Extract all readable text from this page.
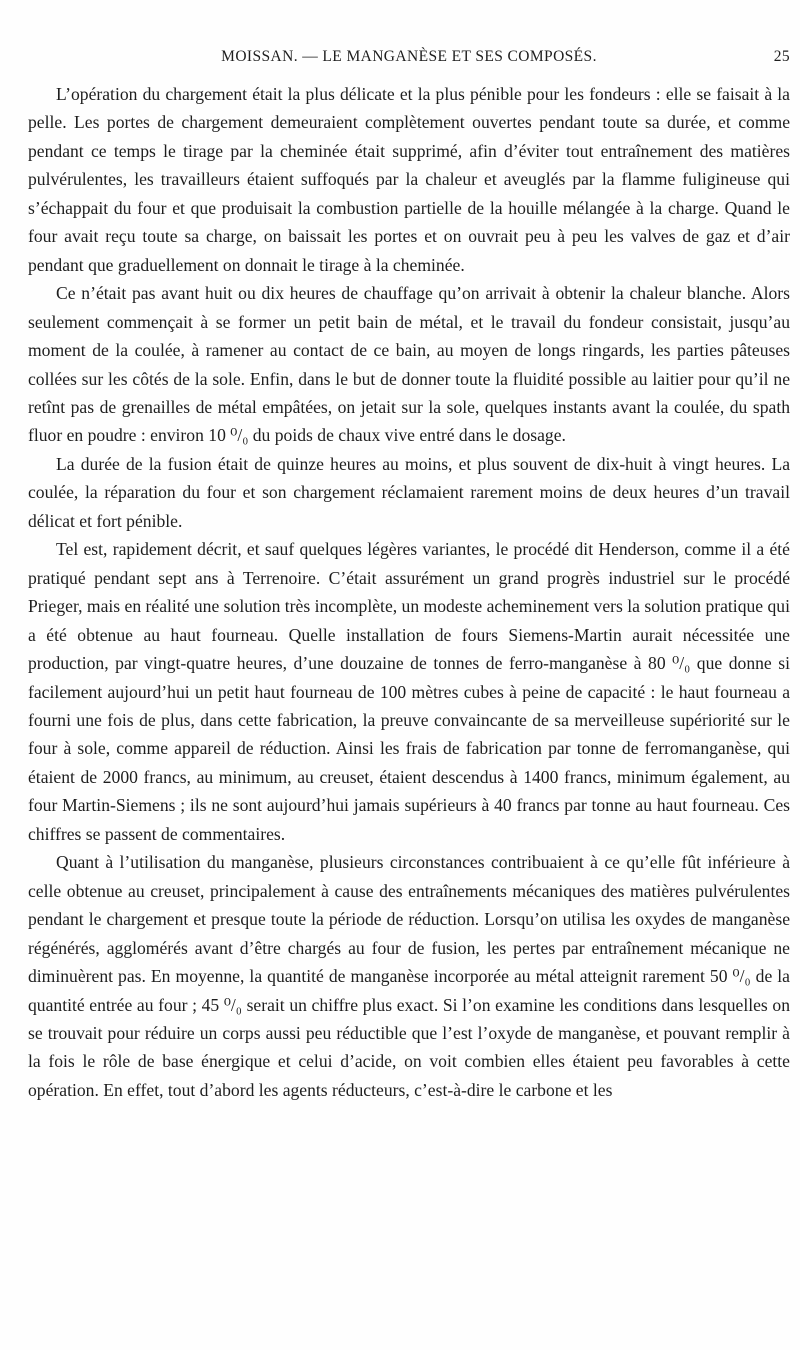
MOISSAN. — LE MANGANÈSE ET SES COMPOSÉS.	25

L’opération du chargement était la plus délicate et la plus pénible pour les fondeurs : elle se faisait à la pelle. Les portes de chargement demeuraient complètement ouvertes pendant toute sa durée, et comme pendant ce temps le tirage par la cheminée était supprimé, afin d’éviter tout entraînement des matières pulvérulentes, les travailleurs étaient suffoqués par la chaleur et aveuglés par la flamme fuligineuse qui s’échappait du four et que produisait la combustion partielle de la houille mélangée à la charge. Quand le four avait reçu toute sa charge, on baissait les portes et on ouvrait peu à peu les valves de gaz et d’air pendant que graduellement on donnait le tirage à la cheminée.

Ce n’était pas avant huit ou dix heures de chauffage qu’on arrivait à obtenir la chaleur blanche. Alors seulement commençait à se former un petit bain de métal, et le travail du fondeur consistait, jusqu’au moment de la coulée, à ramener au contact de ce bain, au moyen de longs ringards, les parties pâteuses collées sur les côtés de la sole. Enfin, dans le but de donner toute la fluidité possible au laitier pour qu’il ne retînt pas de grenailles de métal empâtées, on jetait sur la sole, quelques instants avant la coulée, du spath fluor en poudre : environ 10 ⁰/₀ du poids de chaux vive entré dans le dosage.

La durée de la fusion était de quinze heures au moins, et plus souvent de dix-huit à vingt heures. La coulée, la réparation du four et son chargement réclamaient rarement moins de deux heures d’un travail délicat et fort pénible.

Tel est, rapidement décrit, et sauf quelques légères variantes, le procédé dit Henderson, comme il a été pratiqué pendant sept ans à Terrenoire. C’était assurément un grand progrès industriel sur le procédé Prieger, mais en réalité une solution très incomplète, un modeste acheminement vers la solution pratique qui a été obtenue au haut fourneau. Quelle installation de fours Siemens-Martin aurait nécessitée une production, par vingt-quatre heures, d’une douzaine de tonnes de ferro-manganèse à 80 ⁰/₀ que donne si facilement aujourd’hui un petit haut fourneau de 100 mètres cubes à peine de capacité : le haut fourneau a fourni une fois de plus, dans cette fabrication, la preuve convaincante de sa merveilleuse supériorité sur le four à sole, comme appareil de réduction. Ainsi les frais de fabrication par tonne de ferromanganèse, qui étaient de 2000 francs, au minimum, au creuset, étaient descendus à 1400 francs, minimum également, au four Martin-Siemens ; ils ne sont aujourd’hui jamais supérieurs à 40 francs par tonne au haut fourneau. Ces chiffres se passent de commentaires.

Quant à l’utilisation du manganèse, plusieurs circonstances contribuaient à ce qu’elle fût inférieure à celle obtenue au creuset, principalement à cause des entraînements mécaniques des matières pulvérulentes pendant le chargement et presque toute la période de réduction. Lorsqu’on utilisa les oxydes de manganèse régénérés, agglomérés avant d’être chargés au four de fusion, les pertes par entraînement mécanique ne diminuèrent pas. En moyenne, la quantité de manganèse incorporée au métal atteignit rarement 50 ⁰/₀ de la quantité entrée au four ; 45 ⁰/₀ serait un chiffre plus exact. Si l’on examine les conditions dans lesquelles on se trouvait pour réduire un corps aussi peu réductible que l’est l’oxyde de manganèse, et pouvant remplir à la fois le rôle de base énergique et celui d’acide, on voit combien elles étaient peu favorables à cette opération. En effet, tout d’abord les agents réducteurs, c’est-à-dire le carbone et les
